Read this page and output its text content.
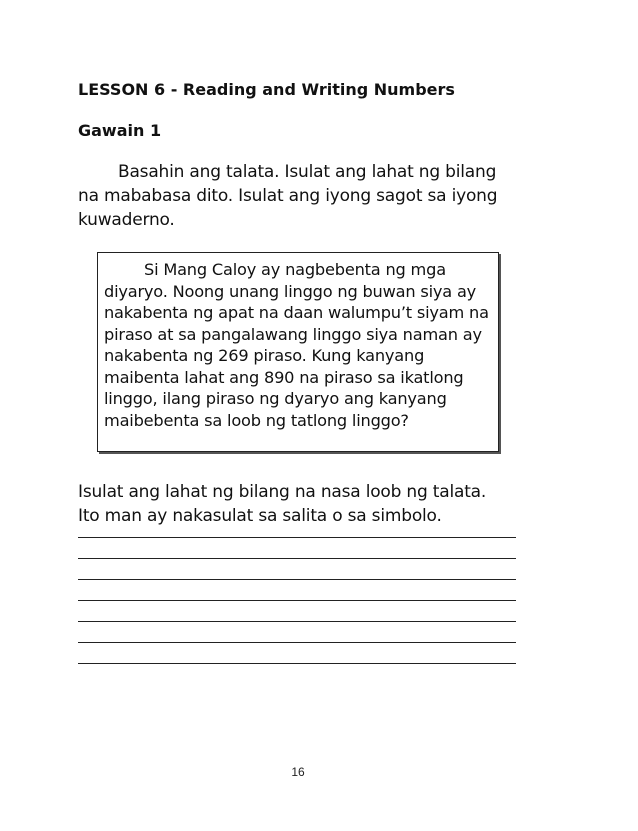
LESSON 6 - Reading and Writing Numbers
Gawain 1

Basahin ang talata. Isulat ang lahat ng bilang na mababasa dito. Isulat ang iyong sagot sa iyong kuwaderno.

Si Mang Caloy ay nagbebenta ng mga diyaryo. Noong unang linggo ng buwan siya ay nakabenta ng apat na daan walumpu’t siyam na piraso at sa pangalawang linggo siya naman ay nakabenta ng 269 piraso. Kung kanyang maibenta lahat ang 890 na piraso sa ikatlong linggo, ilang piraso ng dyaryo ang kanyang maibebenta sa loob ng tatlong linggo?

Isulat ang lahat ng bilang na nasa loob ng talata.
Ito man ay nakasulat sa salita o sa simbolo.

16
